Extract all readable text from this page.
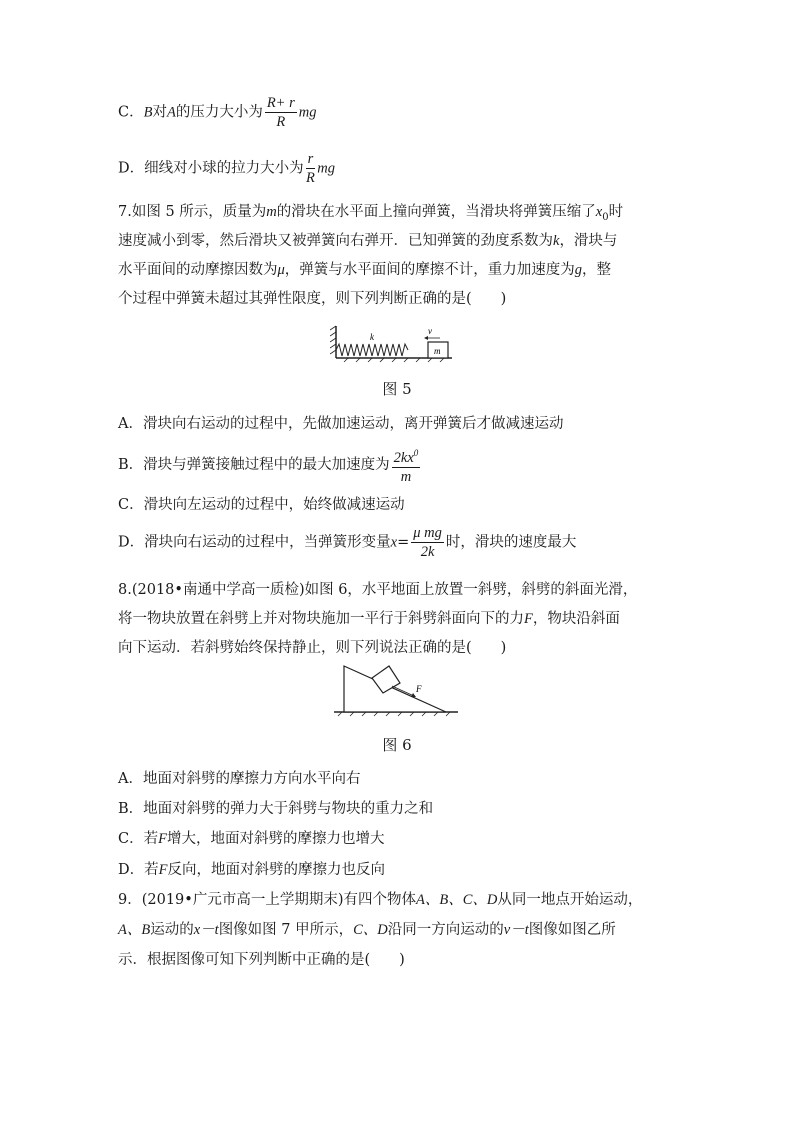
C．B对A的压力大小为 $\frac{R+ r}{R}$ mg
D．细线对小球的拉力大小为 $\frac{r}{R}$ mg
7.如图 5 所示，质量为m的滑块在水平面上撞向弹簧，当滑块将弹簧压缩了$x_0$时
速度减小到零，然后滑块又被弹簧向右弹开．已知弹簧的劲度系数为k，滑块与
水平面间的动摩擦因数为μ，弹簧与水平面间的摩擦不计，重力加速度为g，整
个过程中弹簧未超过其弹性限度，则下列判断正确的是(　　)
k
m
v
图 5
A．滑块向右运动的过程中，先做加速运动，离开弹簧后才做减速运动
B．滑块与弹簧接触过程中的最大加速度为 $\frac{2kx^0}{m}$
C．滑块向左运动的过程中，始终做减速运动
D．滑块向右运动的过程中，当弹簧形变量$x= \frac{\text{μ mg}}{2k}$ 时，滑块的速度最大
8.(2018•南通中学高一质检)如图 6，水平地面上放置一斜劈，斜劈的斜面光滑，
将一物块放置在斜劈上并对物块施加一平行于斜劈斜面向下的力F，物块沿斜面
向下运动．若斜劈始终保持静止，则下列说法正确的是(　　)
F
图 6
A．地面对斜劈的摩擦力方向水平向右
B．地面对斜劈的弹力大于斜劈与物块的重力之和
C．若F增大，地面对斜劈的摩擦力也增大
D．若F反向，地面对斜劈的摩擦力也反向
9．(2019•广元市高一上学期期末)有四个物体A、B、C、D从同一地点开始运动，
A、B运动的x－t图像如图 7 甲所示，C、D沿同一方向运动的v－t图像如图乙所
示．根据图像可知下列判断中正确的是(　　)
